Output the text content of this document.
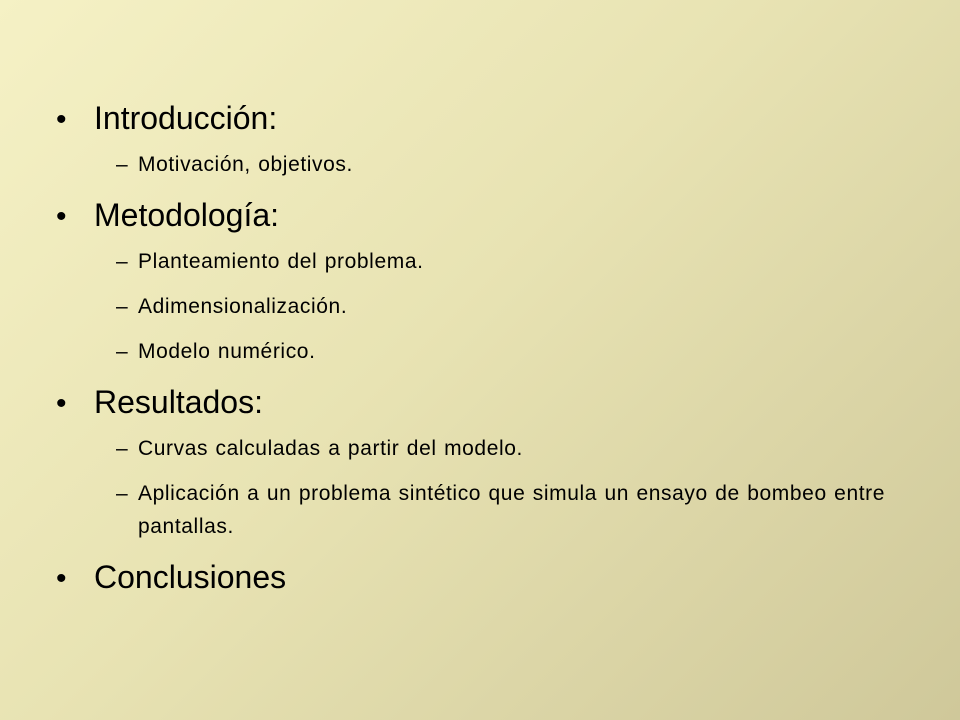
• Introducción:
– Motivación, objetivos.
• Metodología:
– Planteamiento del problema.
– Adimensionalización.
– Modelo numérico.
• Resultados:
– Curvas calculadas a partir del modelo.
– Aplicación a un problema sintético que simula un ensayo de bombeo entre pantallas.
• Conclusiones
